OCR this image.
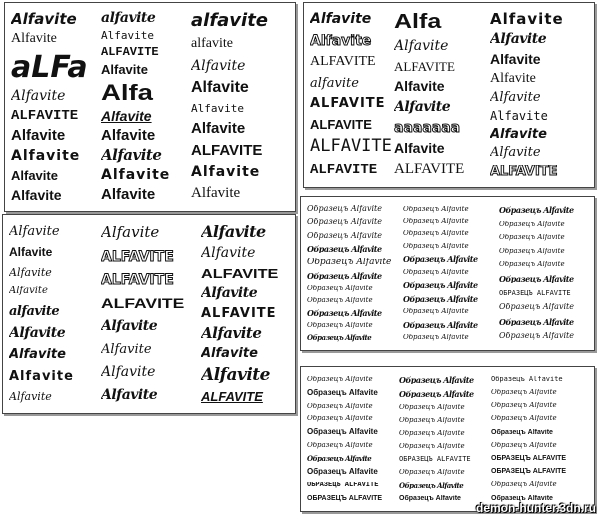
Alfavite
Alfavite
aLFa
Alfavite
ALFAVITE
Alfavite
Alfavite
Alfavite
Alfavite
alfavite
Alfavite
ALFAVITE
Alfavite
Alfa
Alfavite
Alfavite
Alfavite
Alfavite
Alfavite
alfavite
alfavite
Alfavite
Alfavite
Alfavite
Alfavite
ALFAVITE
Alfavite
Alfavite
Alfavite
Alfavite
ALFAVITE
alfavite
ALFAVITE
ALFAVITE
ALFAVITE
ALFAVITE
Alfa
Alfavite
ALFAVITE
Alfavite
Alfavite
aaaaaaa
Alfavite
ALFAVITE
Alfavite
Alfavite
Alfavite
Alfavite
Alfavite
Alfavite
Alfavite
Alfavite
ALFAVITE
Alfavite
Alfavite
Alfavite
Alfavite
alfavite
Alfavite
Alfavite
Alfavite
Alfavite
Alfavite
ALFAVITE
ALFAVITE
ALFAVITE
Alfavite
Alfavite
Alfavite
Alfavite
Alfavite
Alfavite
ALFAVITE
Alfavite
ALFAVITE
Alfavite
Alfavite
Alfavite
ALFAVITE
Образецъ Alfavite
Образецъ Alfavite
Образецъ Alfavite
Образецъ Alfavite
Образецъ Alfavite
Образецъ Alfavite
Образецъ Alfavite
Образецъ Alfavite
Образецъ Alfavite
Образецъ Alfavite
Образецъ Alfavite
Образецъ Alfavite
Образецъ Alfavite
Образецъ Alfavite
Образецъ Alfavite
Образецъ Alfavite
Образецъ Alfavite
Образецъ Alfavite
Образецъ Alfavite
Образецъ Alfavite
Образецъ Alfavite
Образецъ Alfavite
Образецъ Alfavite
Образецъ Alfavite
Образецъ Alfavite
Образецъ Alfavite
Образецъ Alfavite
Образецъ Alfavite
ОБРАЗЕЦЪ ALFAVITE
Образецъ Alfavite
Образецъ Alfavite
Образецъ Alfavite
Образецъ Alfavite
Образецъ Alfavite
Образецъ Alfavite
Образецъ Alfavite
Образецъ Alfavite
Образецъ Alfavite
Образецъ Alfavite
Образецъ Alfavite
ОБРАЗЕЦЪ ALFAVITE
ОБРАЗЕЦЪ ALFAVITE
Образецъ Alfavite
Образецъ Alfavite
Образецъ Alfavite
Образецъ Alfavite
Образецъ Alfavite
Образецъ Alfavite
ОБРАЗЕЦЪ ALFAVITE
Образецъ Alfavite
Образецъ Alfavite
Образецъ Alfavite
Образецъ Alfavite
Образецъ Alfavite
Образецъ Alfavite
Образецъ Alfavite
Образецъ Alfavite
Образецъ Alfavite
ОБРАЗЕЦЪ ALFAVITE
ОБРАЗЕЦЪ ALFAVITE
Образецъ Alfavite
Образецъ Alfavite
demon-hunter.3dn.ru
